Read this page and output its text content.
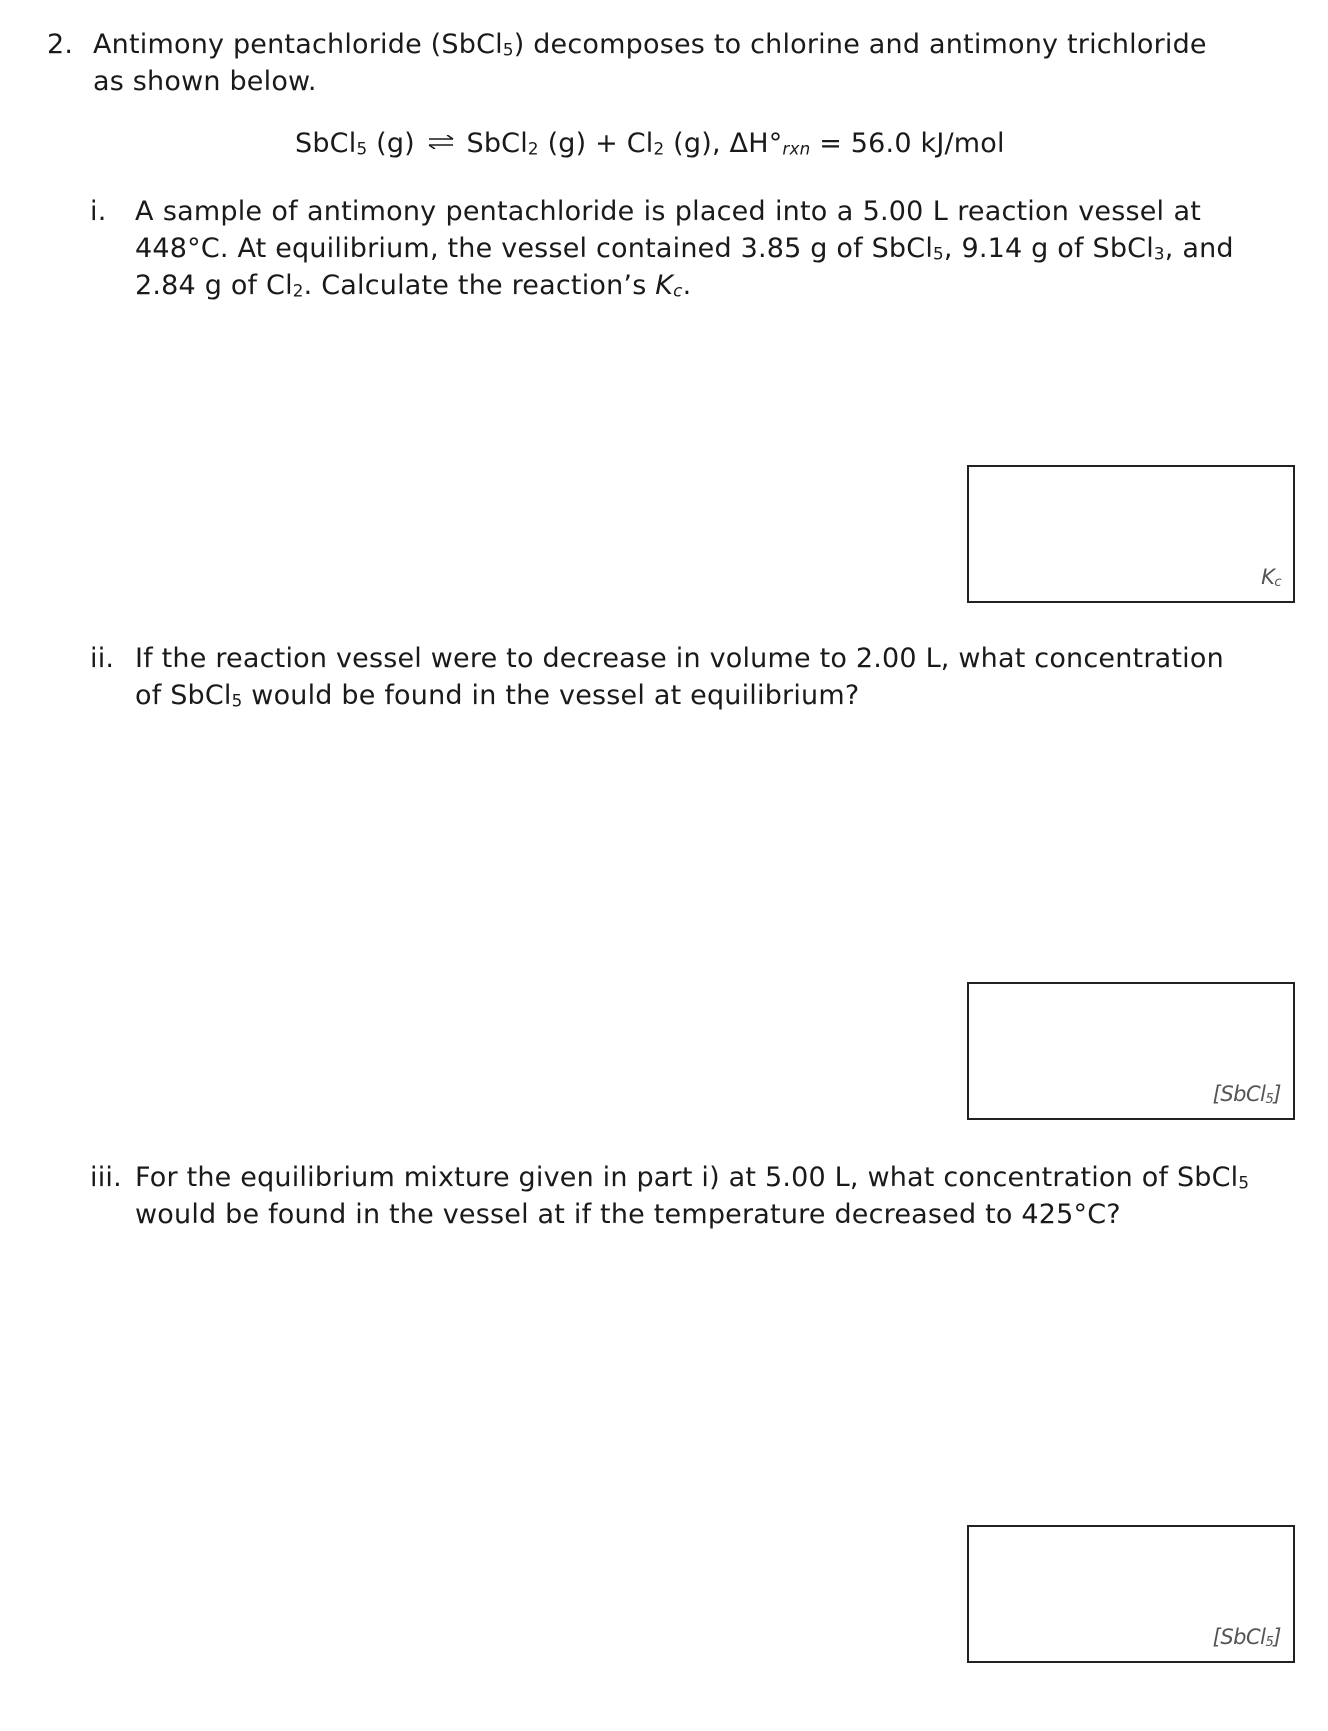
2. Antimony pentachloride (SbCl$_5$) decomposes to chlorine and antimony trichloride
as shown below.
SbCl$_5$ (g) ⇌ SbCl$_2$ $(g) + Cl_2$ (g), $\Delta H^\circ_{rxn} = 56.0$ kJ/mol
i. A sample of antimony pentachloride is placed into a 5.00 L reaction vessel at
448°C. At equilibrium, the vessel contained 3.85 g of SbCl$_5$, 9.14 g of SbCl$_3$, and
2.84 g of $Cl_2$. Calculate the reaction’s $K_c$.
$K_c$
ii. If the reaction vessel were to decrease in volume to 2.00 L, what concentration
of SbCl$_5$ would be found in the vessel at equilibrium?
[SbCl$_5$]
iii. For the equilibrium mixture given in part i) at 5.00 L, what concentration of SbCl$_5$
would be found in the vessel at if the temperature decreased to 425°C?
[SbCl$_5$]
